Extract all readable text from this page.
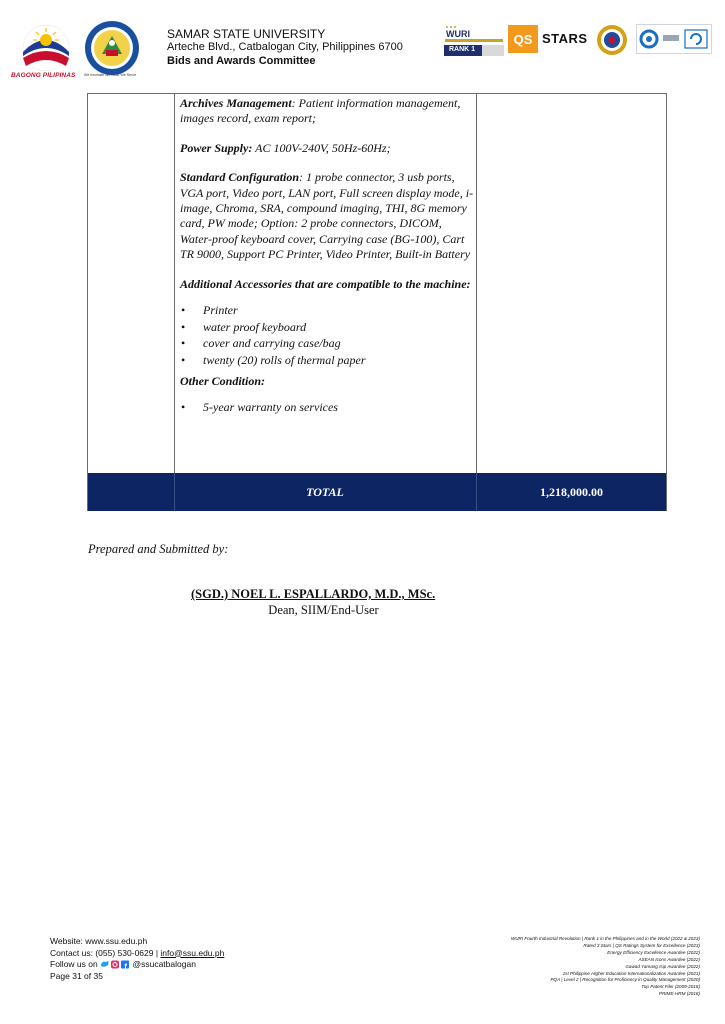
BAGONG PILIPINAS We Innovate We Build We Serve
SAMAR STATE UNIVERSITY
Arteche Blvd., Catbalogan City, Philippines 6700
Bids and Awards Committee
WURI
RANK 1
QS STARS

Archives Management: Patient information management, images record, exam report;

Power Supply: AC 100V-240V, 50Hz-60Hz;

Standard Configuration: 1 probe connector, 3 usb ports, VGA port, Video port, LAN port, Full screen display mode, i-image, Chroma, SRA, compound imaging, THI, 8G memory card, PW mode; Option: 2 probe connectors, DICOM, Water-proof keyboard cover, Carrying case (BG-100), Cart TR 9000, Support PC Printer, Video Printer, Built-in Battery

Additional Accessories that are compatible to the machine:

• Printer
• water proof keyboard
• cover and carrying case/bag
• twenty (20) rolls of thermal paper

Other Condition:

• 5-year warranty on services
TOTAL	1,218,000.00
Prepared and Submitted by:
(SGD.) NOEL L. ESPALLARDO, M.D., MSc.
Dean, SIIM/End-User
Website: www.ssu.edu.ph
Contact us: (055) 530-0629 | info@ssu.edu.ph
Follow us on	@ssucatbalogan
Page 31 of 35
WURI Fourth Industrial Revolution | Rank 1 in the Philippines and in the World (2022 & 2023)
Rated 3 Stars | QS Ratings System for Excellence (2023)
Energy Efficiency Excellence Awardee (2022)
ASEAN Icons Awardee (2022)
Gawad Yamang Isip Awardee (2022)
1st Philippine Higher Education Internationalization Awardee (2021)
PQA | Level 2 | Recognition for Proficiency in Quality Management (2020)
Top Patent Filer (2009-2018)
PRIME-HRM (2018)
